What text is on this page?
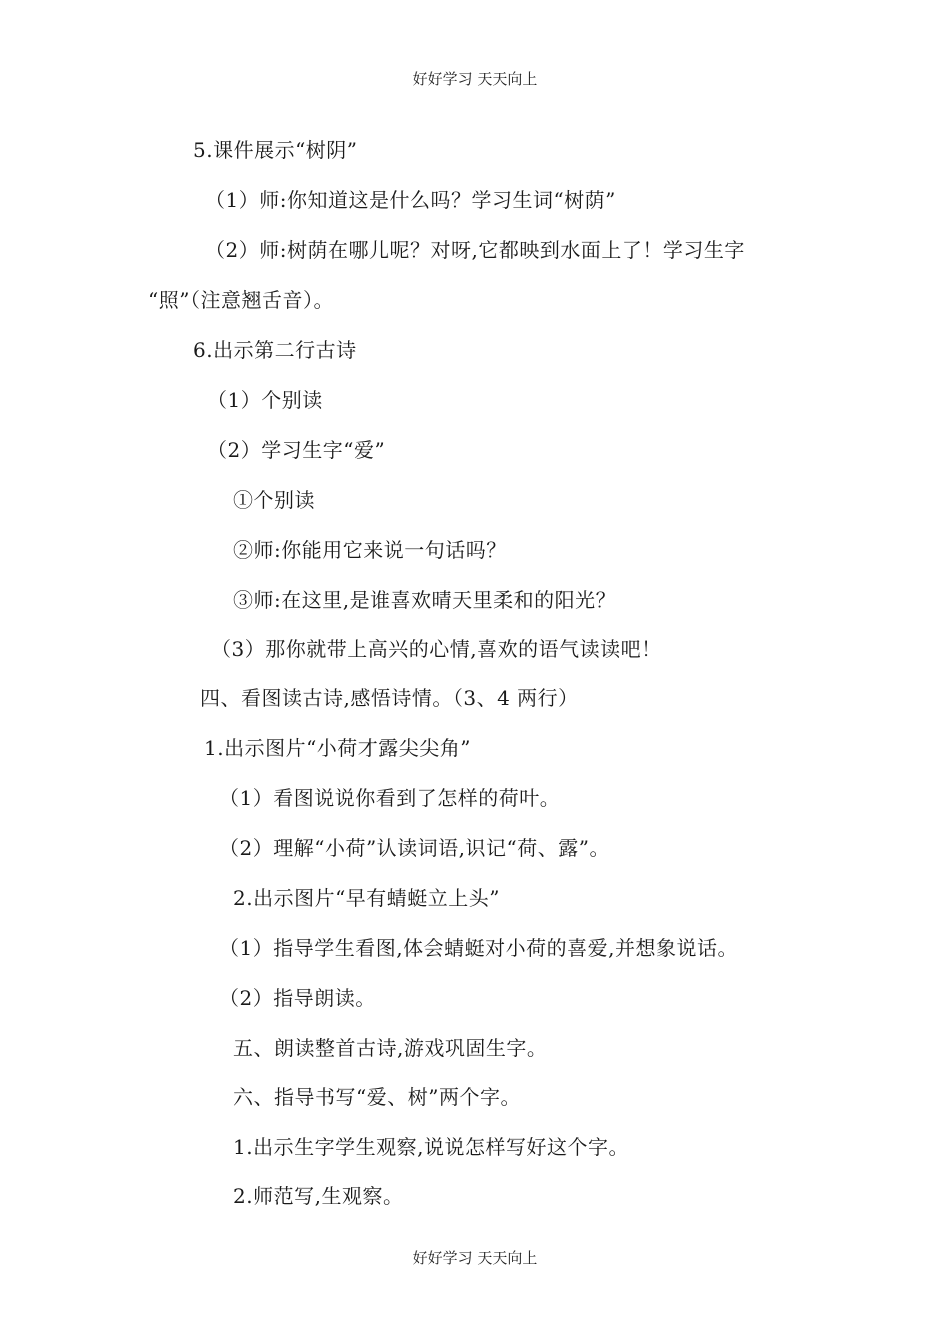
好好学习 天天向上
5.课件展示“树阴”
（1）师:你知道这是什么吗？学习生词“树荫”
（2）师:树荫在哪儿呢？对呀,它都映到水面上了！学习生字
“照”（注意翘舌音）。
6.出示第二行古诗
（1）个别读
（2）学习生字“爱”
①个别读
②师:你能用它来说一句话吗？
③师:在这里,是谁喜欢晴天里柔和的阳光？
（3）那你就带上高兴的心情,喜欢的语气读读吧！
四、看图读古诗,感悟诗情。（3、4 两行）
1.出示图片“小荷才露尖尖角”
（1）看图说说你看到了怎样的荷叶。
（2）理解“小荷”认读词语,识记“荷、露”。
2.出示图片“早有蜻蜓立上头”
（1）指导学生看图,体会蜻蜓对小荷的喜爱,并想象说话。
（2）指导朗读。
五、朗读整首古诗,游戏巩固生字。
六、指导书写“爱、树”两个字。
1.出示生字学生观察,说说怎样写好这个字。
2.师范写,生观察。
好好学习 天天向上
